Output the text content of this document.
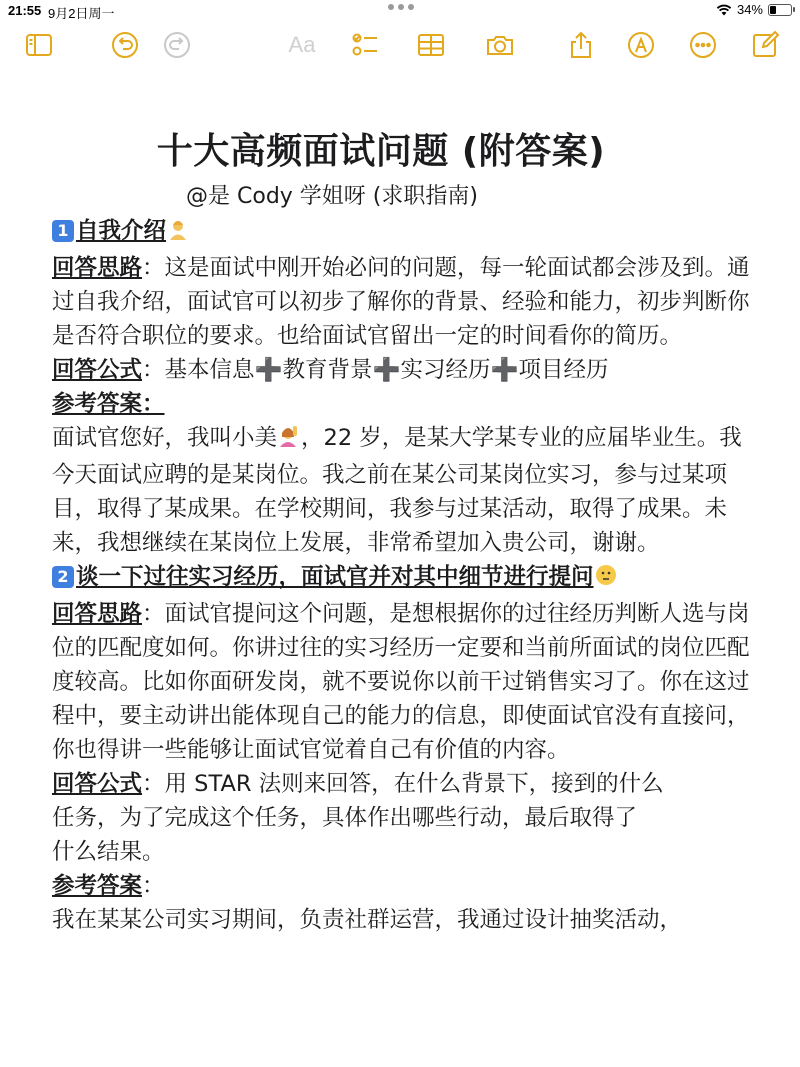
21:55 9月2日周一	34%
Aa
十大高频面试问题 (附答案)
@是 Cody 学姐呀 (求职指南)

1 自我介绍

回答思路：这是面试中刚开始必问的问题，每一轮面试都会涉及到。通过自我介绍，面试官可以初步了解你的背景、经验和能力，初步判断你是否符合职位的要求。也给面试官留出一定的时间看你的简历。

回答公式：基本信息➕教育背景➕实习经历➕项目经历

参考答案：

面试官您好，我叫小美 ，22 岁，是某大学某专业的应届毕业生。我今天面试应聘的是某岗位。我之前在某公司某岗位实习，参与过某项目，取得了某成果。在学校期间，我参与过某活动，取得了成果。未来，我想继续在某岗位上发展，非常希望加入贵公司，谢谢。

2 谈一下过往实习经历，面试官并对其中细节进行提问

回答思路：面试官提问这个问题，是想根据你的过往经历判断人选与岗位的匹配度如何。你讲过往的实习经历一定要和当前所面试的岗位匹配度较高。比如你面研发岗，就不要说你以前干过销售实习了。你在这过程中，要主动讲出能体现自己的能力的信息，即使面试官没有直接问，你也得讲一些能够让面试官觉着自己有价值的内容。

回答公式：用 STAR 法则来回答，在什么背景下，接到的什么
任务，为了完成这个任务，具体作出哪些行动，最后取得了
什么结果。

参考答案：

我在某某公司实习期间，负责社群运营，我通过设计抽奖活动，
